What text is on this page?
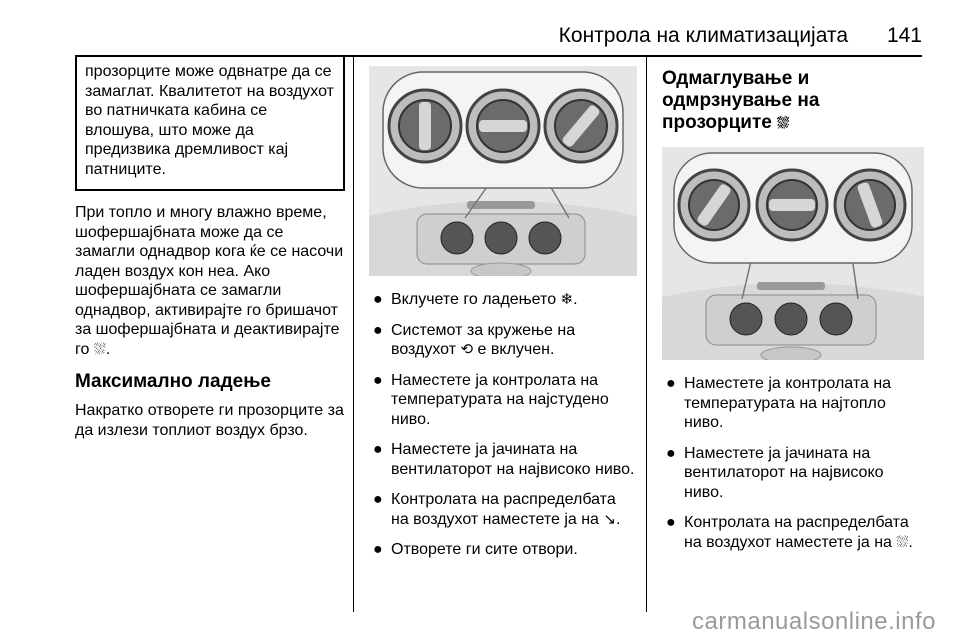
Контрола на климатизацијата 141

прозорците може одвнатре да се замаглат. Квалитетот на воздухот во патничката кабина се влошува, што може да предизвика дремливост кај патниците.

При топло и многу влажно време, шофершајбната може да се замагли однадвор кога ќе се насочи ладен воздух кон неа. Ако шофершајбната се замагли однадвор, активирајте го бришачот за шофершајбната и деактивирајте го ⛆.

Максимално ладење

Накратко отворете ги прозорците за да излези топлиот воздух брзо.

● Вклучете го ладењето ❄.
● Системот за кружење на воздухот ⟲ е вклучен.
● Наместете ја контролата на температурата на најстудено ниво.
● Наместете ја јачината на вентилаторот на највисоко ниво.
● Контролата на распределбата на воздухот наместете ја на ↘.
● Отворете ги сите отвори.

Одмаглување и одмрзнување на прозорците ⛆

● Наместете ја контролата на температурата на најтопло ниво.
● Наместете ја јачината на вентилаторот на највисоко ниво.
● Контролата на распределбата на воздухот наместете ја на ⛆.
carmanualsonline.info
